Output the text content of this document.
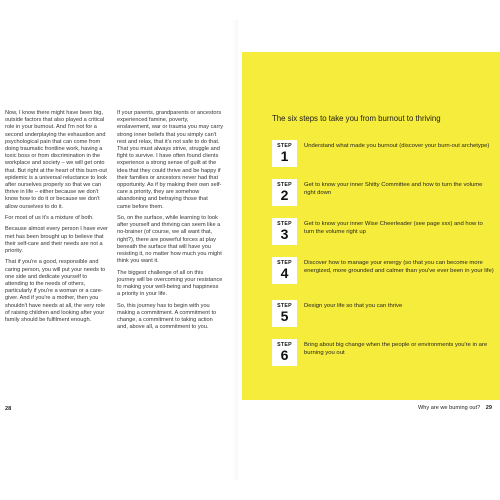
Now, I know there might have been big, outside factors that also played a critical role in your burnout. And I'm not for a second underplaying the exhaustion and psychological pain that can come from doing traumatic frontline work, having a toxic boss or from discrimination in the workplace and society – we will get onto that. But right at the heart of this burn-out epidemic is a universal reluctance to look after ourselves properly so that we can thrive in life – either because we don't know how to do it or because we don't allow ourselves to do it.

For most of us it's a mixture of both.

Because almost every person I have ever met has been brought up to believe that their self-care and their needs are not a priority.

That if you're a good, responsible and caring person, you will put your needs to one side and dedicate yourself to attending to the needs of others, particularly if you're a woman or a care-giver. And if you're a mother, then you shouldn't have needs at all, the very role of raising children and looking after your family should be fulfilment enough.

If your parents, grandparents or ancestors experienced famine, poverty, enslavement, war or trauma you may carry strong inner beliefs that you simply can't rest and relax, that it's not safe to do that. That you must always strive, struggle and fight to survive. I have often found clients experience a strong sense of guilt at the idea that they could thrive and be happy if their families or ancestors never had that opportunity. As if by making their own self-care a priority, they are somehow abandoning and betraying those that came before them.

So, on the surface, while learning to look after yourself and thriving can seem like a no-brainer (of course, we all want that, right?), there are powerful forces at play beneath the surface that will have you resisting it, no matter how much you might think you want it.

The biggest challenge of all on this journey will be overcoming your resistance to making your well-being and happiness a priority in your life.

So, this journey has to begin with you making a commitment. A commitment to change, a commitment to taking action and, above all, a commitment to you.

28	Why are we burning out? 29
The six steps to take you from burnout to thriving
STEP
1
Understand what made you burnout (discover your burn-out archetype)
STEP
2
Get to know your inner Shitty Committee and how to turn the volume right down
STEP
3
Get to know your inner Wise Cheerleader (see page xxx) and how to turn the volume right up
STEP
4
Discover how to manage your energy (so that you can become more energized, more grounded and calmer than you've ever been in your life)
STEP
5
Design your life so that you can thrive
STEP
6
Bring about big change when the people or environments you're in are burning you out
